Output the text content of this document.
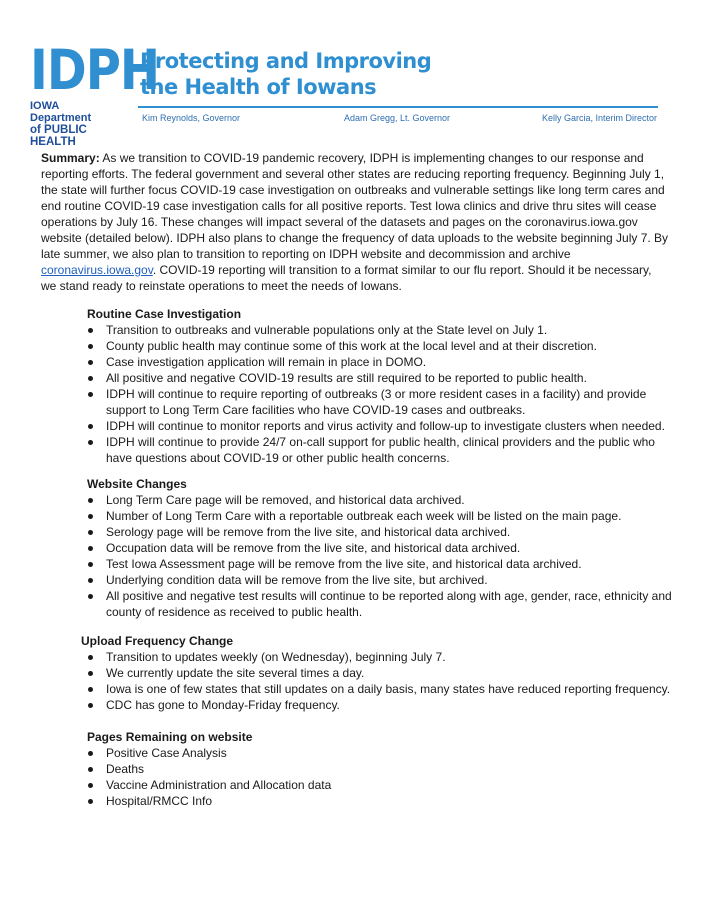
IDPH
IOWA Department
of PUBLIC HEALTH
Protecting and Improving
the Health of Iowans
Kim Reynolds, Governor	Adam Gregg, Lt. Governor	Kelly Garcia, Interim Director

Summary: As we transition to COVID-19 pandemic recovery, IDPH is implementing changes to our response and reporting efforts. The federal government and several other states are reducing reporting frequency. Beginning July 1, the state will further focus COVID-19 case investigation on outbreaks and vulnerable settings like long term cares and end routine COVID-19 case investigation calls for all positive reports. Test Iowa clinics and drive thru sites will cease operations by July 16. These changes will impact several of the datasets and pages on the coronavirus.iowa.gov website (detailed below). IDPH also plans to change the frequency of data uploads to the website beginning July 7. By late summer, we also plan to transition to reporting on IDPH website and decommission and archive coronavirus.iowa.gov. COVID-19 reporting will transition to a format similar to our flu report. Should it be necessary, we stand ready to reinstate operations to meet the needs of Iowans.

Routine Case Investigation
Transition to outbreaks and vulnerable populations only at the State level on July 1.
County public health may continue some of this work at the local level and at their discretion.
Case investigation application will remain in place in DOMO.
All positive and negative COVID-19 results are still required to be reported to public health.
IDPH will continue to require reporting of outbreaks (3 or more resident cases in a facility) and provide support to Long Term Care facilities who have COVID-19 cases and outbreaks.
IDPH will continue to monitor reports and virus activity and follow-up to investigate clusters when needed.
IDPH will continue to provide 24/7 on-call support for public health, clinical providers and the public who have questions about COVID-19 or other public health concerns.
Website Changes
Long Term Care page will be removed, and historical data archived.
Number of Long Term Care with a reportable outbreak each week will be listed on the main page.
Serology page will be remove from the live site, and historical data archived.
Occupation data will be remove from the live site, and historical data archived.
Test Iowa Assessment page will be remove from the live site, and historical data archived.
Underlying condition data will be remove from the live site, but archived.
All positive and negative test results will continue to be reported along with age, gender, race, ethnicity and county of residence as received to public health.
Upload Frequency Change
Transition to updates weekly (on Wednesday), beginning July 7.
We currently update the site several times a day.
Iowa is one of few states that still updates on a daily basis, many states have reduced reporting frequency.
CDC has gone to Monday-Friday frequency.
Pages Remaining on website
Positive Case Analysis
Deaths
Vaccine Administration and Allocation data
Hospital/RMCC Info
